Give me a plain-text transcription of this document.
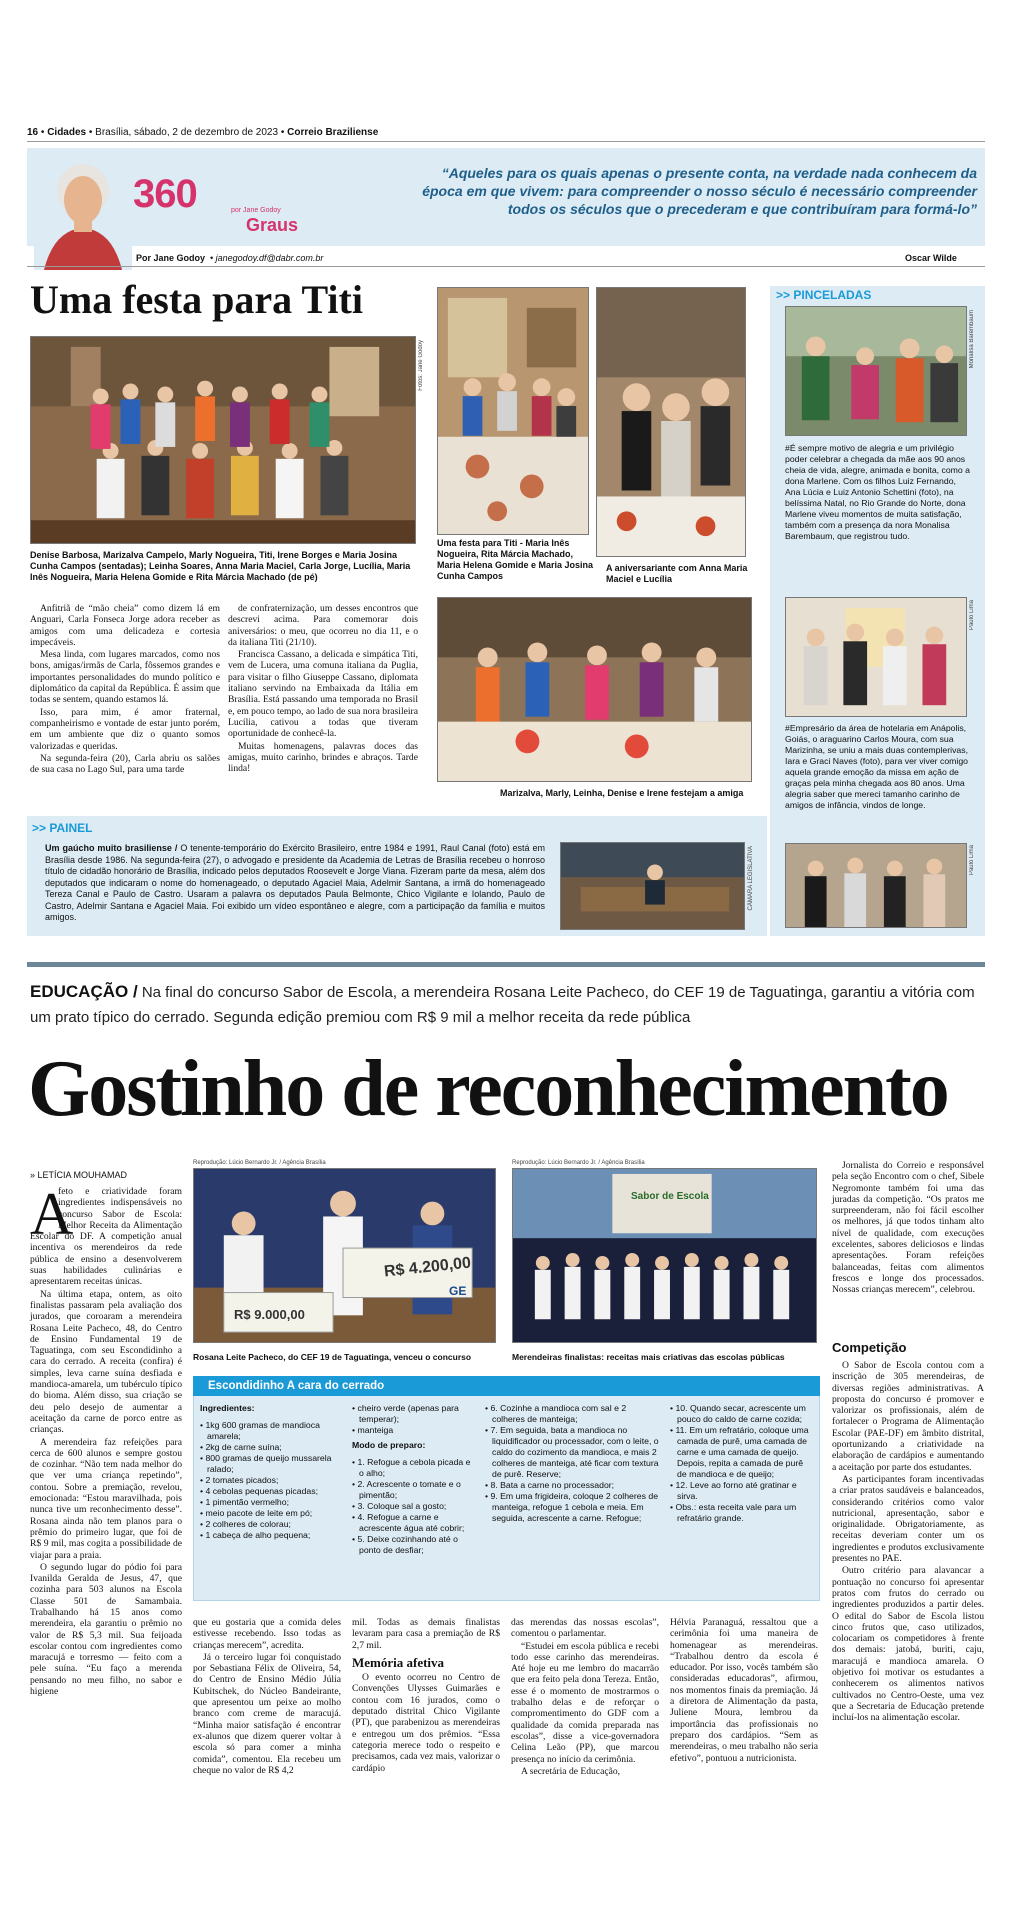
16 • Cidades • Brasília, sábado, 2 de dezembro de 2023 • Correio Braziliense
360	por Jane Godoy
Graus
“Aqueles para os quais apenas o presente conta, na verdade nada conhecem da época em que vivem: para compreender o nosso século é necessário compreender todos os séculos que o precederam e que contribuíram para formá-lo”
Por Jane Godoy • janegodoy.df@dabr.com.br	Oscar Wilde
Uma festa para Titi
Fotos: Jane Godoy
Denise Barbosa, Marizalva Campelo, Marly Nogueira, Titi, Irene Borges e Maria Josina Cunha Campos (sentadas); Leinha Soares, Anna Maria Maciel, Carla Jorge, Lucília, Maria Inês Nogueira, Maria Helena Gomide e Rita Márcia Machado (de pé)
Uma festa para Titi - Maria Inês Nogueira, Rita Márcia Machado, Maria Helena Gomide e Maria Josina Cunha Campos
A aniversariante com Anna Maria Maciel e Lucília

Anfitriã de “mão cheia” como dizem lá em Anguari, Carla Fonseca Jorge adora receber as amigos com uma delicadeza e cortesia impecáveis.

Mesa linda, com lugares marcados, como nos bons, amigas/irmãs de Carla, fôssemos grandes e importantes personalidades do mundo político e diplomático da capital da República. É assim que todas se sentem, quando estamos lá.

Isso, para mim, é amor fraternal, companheirismo e vontade de estar junto porém, em um ambiente que diz o quanto somos valorizadas e queridas.

Na segunda-feira (20), Carla abriu os salões de sua casa no Lago Sul, para uma tarde

de confraternização, um desses encontros que descrevi acima. Para comemorar dois aniversários: o meu, que ocorreu no dia 11, e o da italiana Titi (21/10).

Francisca Cassano, a delicada e simpática Titi, vem de Lucera, uma comuna italiana da Puglia, para visitar o filho Giuseppe Cassano, diplomata italiano servindo na Embaixada da Itália em Brasília. Está passando uma temporada no Brasil e, em pouco tempo, ao lado de sua nora brasileira Lucília, cativou a todas que tiveram oportunidade de conhecê-la.

Muitas homenagens, palavras doces das amigas, muito carinho, brindes e abraços. Tarde linda!

Marizalva, Marly, Leinha, Denise e Irene festejam a amiga
>> PAINEL
Um gaúcho muito brasiliense / O tenente-temporário do Exército Brasileiro, entre 1984 e 1991, Raul Canal (foto) está em Brasília desde 1986. Na segunda-feira (27), o advogado e presidente da Academia de Letras de Brasília recebeu o honroso título de cidadão honorário de Brasília, indicado pelos deputados Roosevelt e Jorge Viana. Fizeram parte da mesa, além dos deputados que indicaram o nome do homenageado, o deputado Agaciel Maia, Adelmir Santana, a irmã do homenageado Tereza Canal e Paulo de Castro. Usaram a palavra os deputados Paula Belmonte, Chico Vigilante e Iolando, Paulo de Castro, Adelmir Santana e Agaciel Maia. Foi exibido um vídeo espontâneo e alegre, com a participação da família e muitos amigos.
CÂMARA LEGISLATIVA
>> PINCELADAS
Monalisa Barembaum
#É sempre motivo de alegria e um privilégio poder celebrar a chegada da mãe aos 90 anos cheia de vida, alegre, animada e bonita, como a dona Marlene. Com os filhos Luiz Fernando, Ana Lúcia e Luiz Antonio Schettini (foto), na belíssima Natal, no Rio Grande do Norte, dona Marlene viveu momentos de muita satisfação, também com a presença da nora Monalisa Barembaum, que registrou tudo.
Paulo Lima
#Empresário da área de hotelaria em Anápolis, Goiás, o araguarino Carlos Moura, com sua Marizinha, se uniu a mais duas contemplerivas, Iara e Graci Naves (foto), para ver viver comigo aquela grande emoção da missa em ação de graças pela minha chegada aos 80 anos. Uma alegria saber que mereci tamanho carinho de amigos de infância, vindos de longe.
Paulo Lima
EDUCAÇÃO / Na final do concurso Sabor de Escola, a merendeira Rosana Leite Pacheco, do CEF 19 de Taguatinga, garantiu a vitória com um prato típico do cerrado. Segunda edição premiou com R$ 9 mil a melhor receita da rede pública
Gostinho de reconhecimento
» LETÍCIA MOUHAMAD
Reprodução: Lúcio Bernardo Jr. / Agência Brasília
R$ 4.200,00
R$ 9.000,00
GE
Rosana Leite Pacheco, do CEF 19 de Taguatinga, venceu o concurso
Reprodução: Lúcio Bernardo Jr. / Agência Brasília
Sabor de Escola
Merendeiras finalistas: receitas mais criativas das escolas públicas
A

feto e criatividade foram ingredientes indispensáveis no concurso Sabor de Escola: Melhor Receita da Alimentação Escolar do DF. A competição anual incentiva os merendeiros da rede pública de ensino a desenvolverem suas habilidades culinárias e apresentarem receitas únicas.

Na última etapa, ontem, as oito finalistas passaram pela avaliação dos jurados, que coroaram a merendeira Rosana Leite Pacheco, 48, do Centro de Ensino Fundamental 19 de Taguatinga, com seu Escondidinho a cara do cerrado. A receita (confira) é simples, leva carne suína desfiada e mandioca-amarela, um tubérculo típico do bioma. Além disso, sua criação se deu pelo desejo de aumentar a aceitação da carne de porco entre as crianças.

A merendeira faz refeições para cerca de 600 alunos e sempre gostou de cozinhar. “Não tem nada melhor do que ver uma criança repetindo”, contou. Sobre a premiação, revelou, emocionada: “Estou maravilhada, pois nunca tive um reconhecimento desse”. Rosana ainda não tem planos para o prêmio do primeiro lugar, que foi de R$ 9 mil, mas cogita a possibilidade de viajar para a praia.

O segundo lugar do pódio foi para Ivanilda Geralda de Jesus, 47, que cozinha para 503 alunos na Escola Classe 501 de Samambaia. Trabalhando há 15 anos como merendeira, ela garantiu o prêmio no valor de R$ 5,3 mil. Sua feijoada escolar contou com ingredientes como maracujá e torresmo — feito com a pele suína. “Eu faço a merenda pensando no meu filho, no sabor e higiene

Jornalista do Correio e responsável pela seção Encontro com o chef, Sibele Negromonte também foi uma das juradas da competição. “Os pratos me surpreenderam, não foi fácil escolher os melhores, já que todos tinham alto nível de qualidade, com execuções excelentes, sabores deliciosos e lindas apresentações. Foram refeições balanceadas, feitas com alimentos frescos e longe dos processados. Nossas crianças merecem”, celebrou.

Competição

O Sabor de Escola contou com a inscrição de 305 merendeiras, de diversas regiões administrativas. A proposta do concurso é promover e valorizar os profissionais, além de fortalecer o Programa de Alimentação Escolar (PAE-DF) em âmbito distrital, oportunizando a criatividade na elaboração de cardápios e aumentando a aceitação por parte dos estudantes.

As participantes foram incentivadas a criar pratos saudáveis e balanceados, considerando critérios como valor nutricional, apresentação, sabor e originalidade. Obrigatoriamente, as receitas deveriam conter um os ingredientes e produtos exclusivamente presentes no PAE.

Outro critério para alavancar a pontuação no concurso foi apresentar pratos com frutos do cerrado ou ingredientes produzidos a partir deles. O edital do Sabor de Escola listou cinco frutos que, caso utilizados, colocariam os competidores à frente dos demais: jatobá, buriti, caju, maracujá e mandioca amarela. O objetivo foi motivar os estudantes a conhecerem os alimentos nativos cultivados no Centro-Oeste, uma vez que a Secretaria de Educação pretende incluí-los na alimentação escolar.

Escondidinho A cara do cerrado
Ingredientes:
• 1kg 600 gramas de mandioca amarela;
• 2kg de carne suína;
• 800 gramas de queijo mussarela ralado;
• 2 tomates picados;
• 4 cebolas pequenas picadas;
• 1 pimentão vermelho;
• meio pacote de leite em pó;
• 2 colheres de colorau;
• 1 cabeça de alho pequena;
• cheiro verde (apenas para temperar);
• manteiga
Modo de preparo:
• 1. Refogue a cebola picada e o alho;
• 2. Acrescente o tomate e o pimentão;
• 3. Coloque sal a gosto;
• 4. Refogue a carne e acrescente água até cobrir;
• 5. Deixe cozinhando até o ponto de desfiar;
• 6. Cozinhe a mandioca com sal e 2 colheres de manteiga;
• 7. Em seguida, bata a mandioca no liquidificador ou processador, com o leite, o caldo do cozimento da mandioca, e mais 2 colheres de manteiga, até ficar com textura de purê. Reserve;
• 8. Bata a carne no processador;
• 9. Em uma frigideira, coloque 2 colheres de manteiga, refogue 1 cebola e meia. Em seguida, acrescente a carne. Refogue;
• 10. Quando secar, acrescente um pouco do caldo de carne cozida;
• 11. Em um refratário, coloque uma camada de purê, uma camada de carne e uma camada de queijo. Depois, repita a camada de purê de mandioca e de queijo;
• 12. Leve ao forno até gratinar e sirva.
• Obs.: esta receita vale para um refratário grande.

que eu gostaria que a comida deles estivesse recebendo. Isso todas as crianças merecem”, acredita.

Já o terceiro lugar foi conquistado por Sebastiana Félix de Oliveira, 54, do Centro de Ensino Médio Júlia Kubitschek, do Núcleo Bandeirante, que apresentou um peixe ao molho branco com creme de maracujá. “Minha maior satisfação é encontrar ex-alunos que dizem querer voltar à escola só para comer a minha comida”, comentou. Ela recebeu um cheque no valor de R$ 4,2

mil. Todas as demais finalistas levaram para casa a premiação de R$ 2,7 mil.

Memória afetiva

O evento ocorreu no Centro de Convenções Ulysses Guimarães e contou com 16 jurados, como o deputado distrital Chico Vigilante (PT), que parabenizou as merendeiras e entregou um dos prêmios. “Essa categoria merece todo o respeito e precisamos, cada vez mais, valorizar o cardápio

das merendas das nossas escolas”, comentou o parlamentar.

“Estudei em escola pública e recebi todo esse carinho das merendeiras. Até hoje eu me lembro do macarrão que era feito pela dona Tereza. Então, esse é o momento de mostrarmos o trabalho delas e de reforçar o compromentimento do GDF com a qualidade da comida preparada nas escolas”, disse a vice-governadora Celina Leão (PP), que marcou presença no início da cerimônia.

A secretária de Educação,

Hélvia Paranaguá, ressaltou que a cerimônia foi uma maneira de homenagear as merendeiras. “Trabalhou dentro da escola é educador. Por isso, vocês também são consideradas educadoras”, afirmou, nos momentos finais da premiação. Já a diretora de Alimentação da pasta, Juliene Moura, lembrou da importância das profissionais no preparo dos cardápios. “Sem as merendeiras, o meu trabalho não seria efetivo”, pontuou a nutricionista.
